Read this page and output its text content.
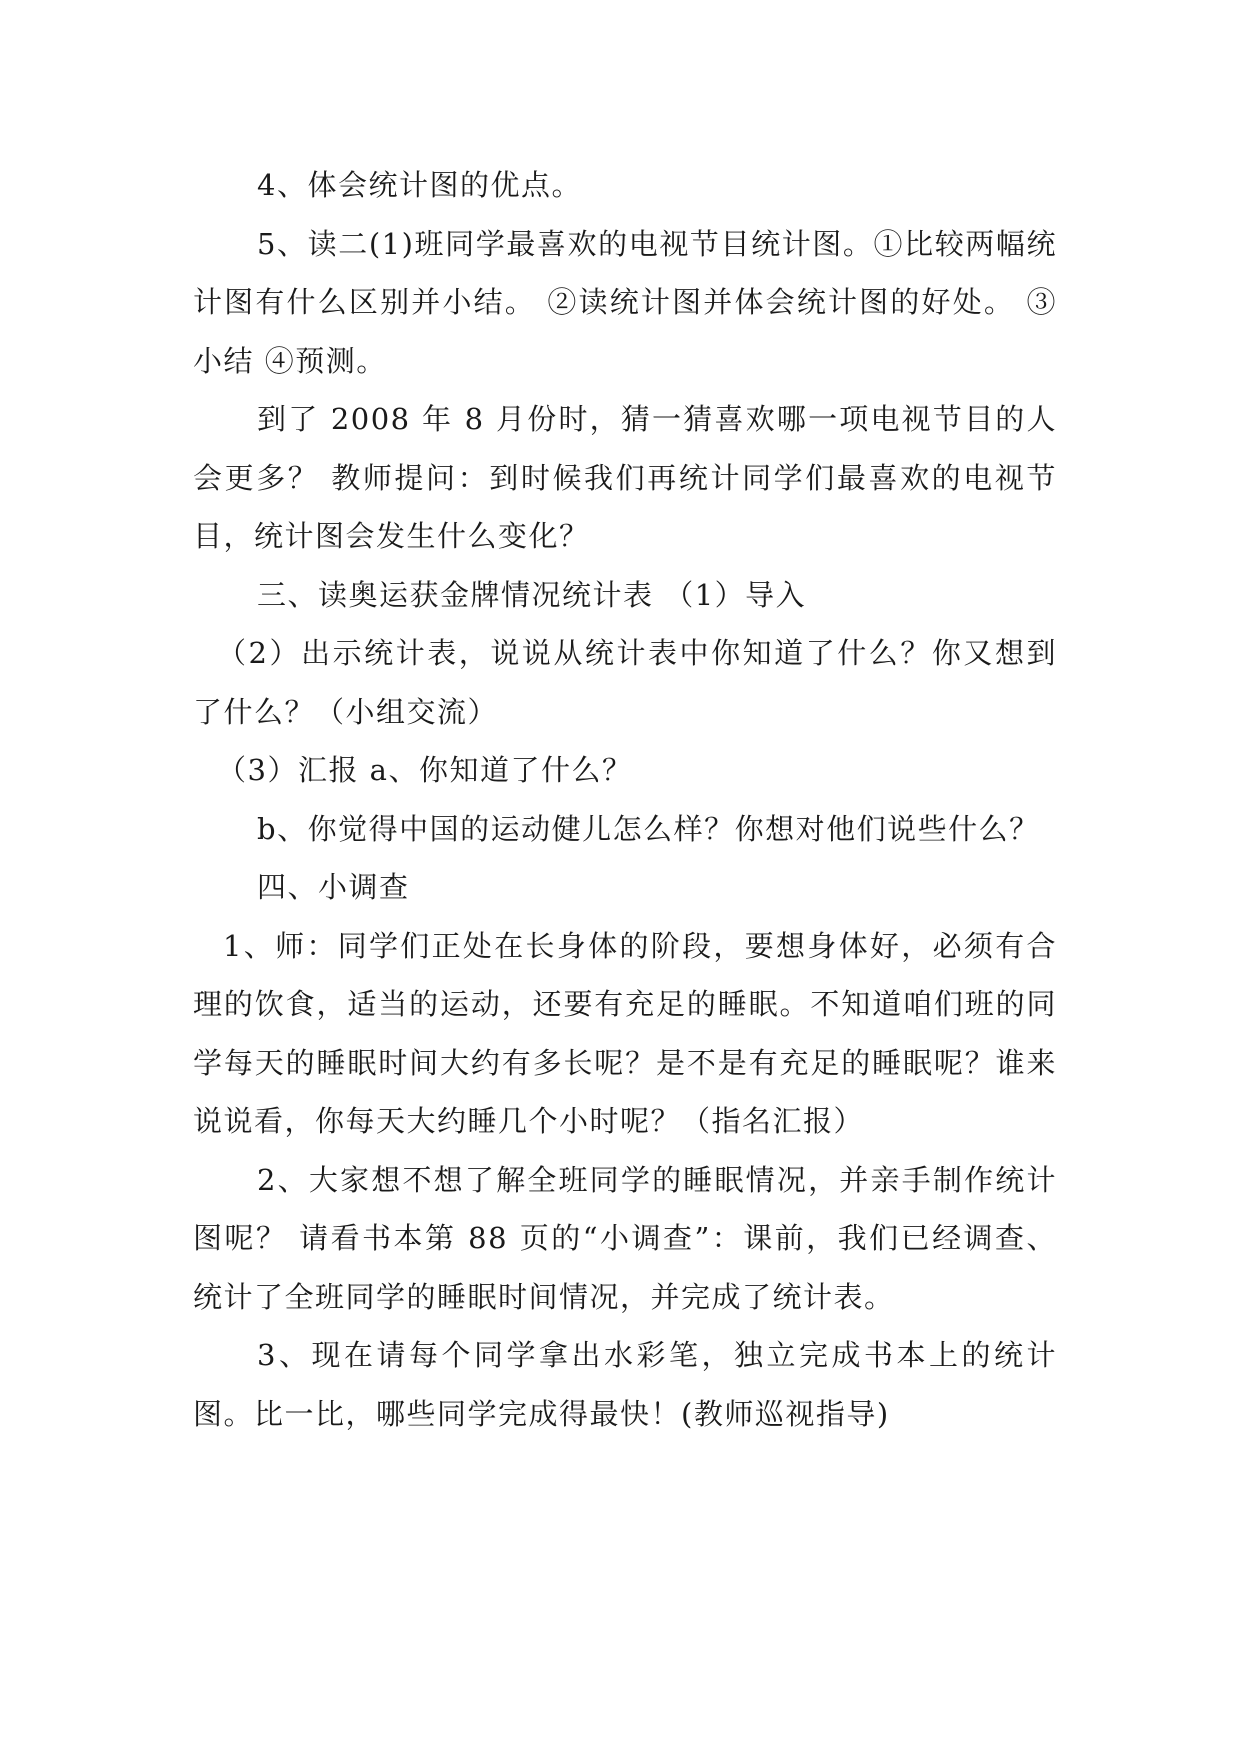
4、体会统计图的优点。

5、读二(1)班同学最喜欢的电视节目统计图。①比较两幅统计图有什么区别并小结。 ②读统计图并体会统计图的好处。 ③小结 ④预测。

到了 2008 年 8 月份时，猜一猜喜欢哪一项电视节目的人会更多？ 教师提问：到时候我们再统计同学们最喜欢的电视节目，统计图会发生什么变化？

三、读奥运获金牌情况统计表 （1）导入

（2）出示统计表，说说从统计表中你知道了什么？你又想到了什么？（小组交流）

（3）汇报 a、你知道了什么？

b、你觉得中国的运动健儿怎么样？你想对他们说些什么？

四、小调查

1、师：同学们正处在长身体的阶段，要想身体好，必须有合理的饮食，适当的运动，还要有充足的睡眠。不知道咱们班的同学每天的睡眠时间大约有多长呢？是不是有充足的睡眠呢？谁来说说看，你每天大约睡几个小时呢？（指名汇报）

2、大家想不想了解全班同学的睡眠情况，并亲手制作统计图呢？ 请看书本第 88 页的“小调查”：课前，我们已经调查、统计了全班同学的睡眠时间情况，并完成了统计表。

3、现在请每个同学拿出水彩笔，独立完成书本上的统计图。比一比，哪些同学完成得最快！(教师巡视指导)
